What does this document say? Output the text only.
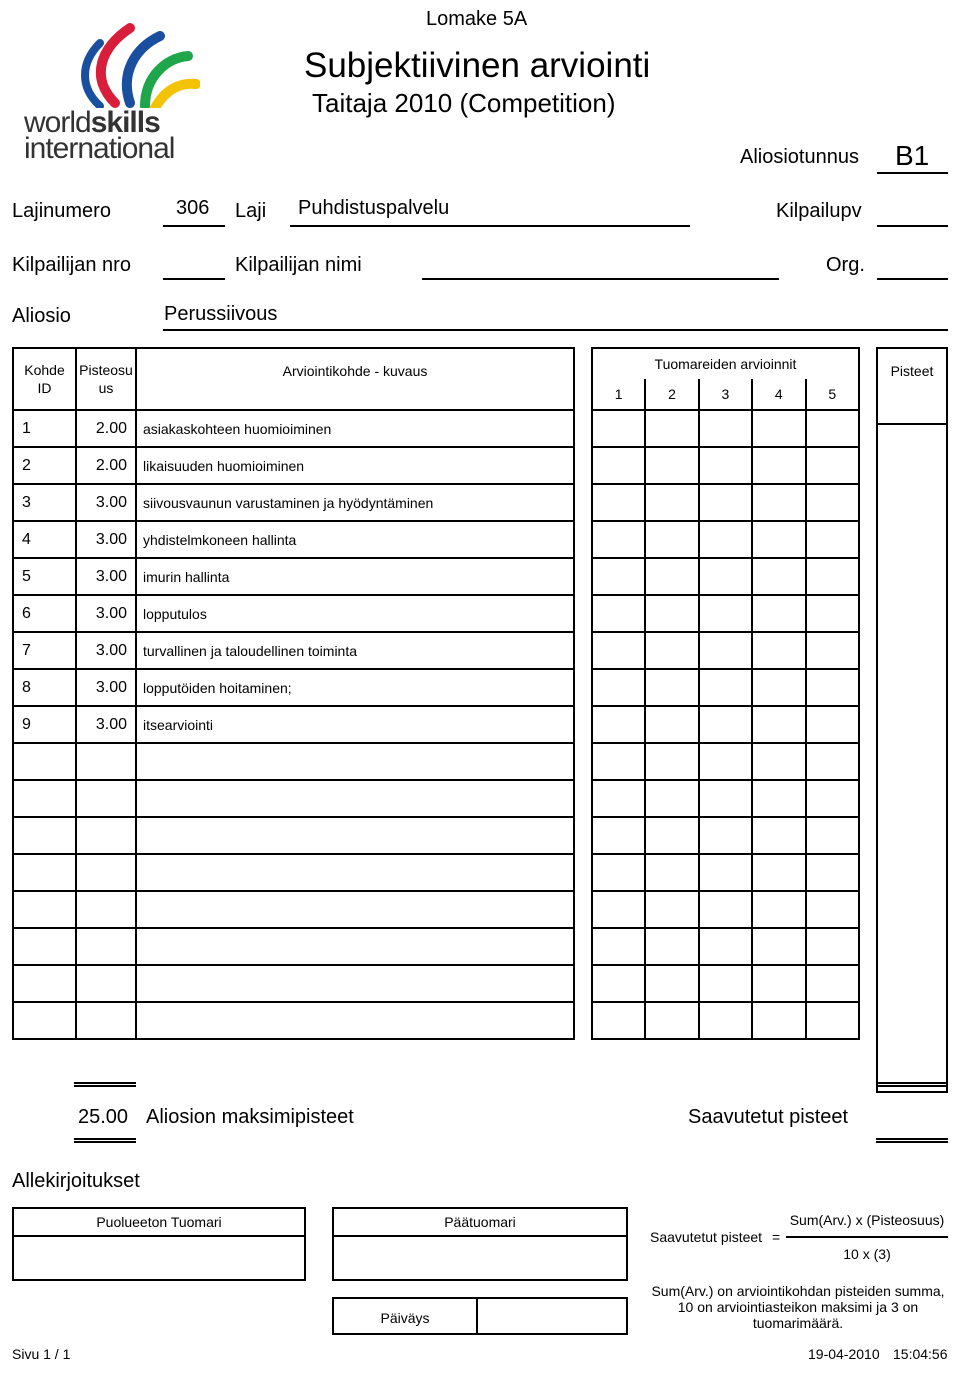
Lomake 5A
Subjektiivinen arviointi
Taitaja 2010 (Competition)
worldskills
international	Aliosiotunnus B1
Lajinumero	306 Laji Puhdistuspalvelu	Kilpailupv
Kilpailijan nro	Kilpailijan nimi	Org.
Aliosio	Perussiivous
Kohde ID	Pisteosuus	Arviointikohde - kuvaus
1	2.00	asiakaskohteen huomioiminen
2	2.00	likaisuuden huomioiminen
3	3.00	siivousvaunun varustaminen ja hyödyntäminen
4	3.00	yhdistelmkoneen hallinta
5	3.00	imurin hallinta
6	3.00	lopputulos
7	3.00	turvallinen ja taloudellinen toiminta
8	3.00	lopputöiden hoitaminen;
9	3.00	itsearviointi

Tuomareiden arvioinnit				
1	2	3	4	5

Pisteet

25.00 Aliosion maksimipisteet	Saavutetut pisteet
Allekirjoitukset
Puolueeton Tuomari	Päätuomari
Päiväys
Saavutetut pisteet =
Sum(Arv.) x (Pisteosuus)
10 x (3)
Sum(Arv.) on arviointikohdan pisteiden summa, 10 on arviointiasteikon maksimi ja 3 on tuomarimäärä.
Sivu 1 / 1	19-04-2010 15:04:56
